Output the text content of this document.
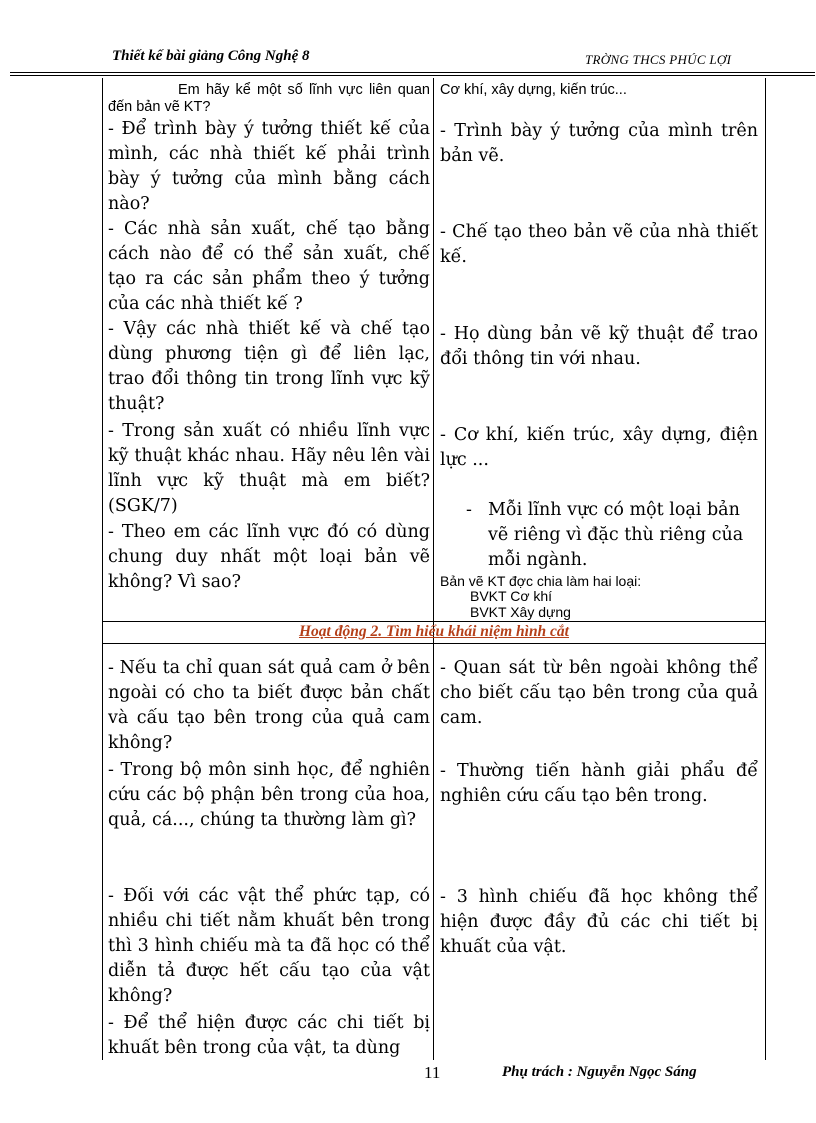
Thiết kế bài giảng Công Nghệ 8	TRỜNG THCS PHÚC LỢI
Em hãy kể một số lĩnh vực liên quan đến bản vẽ KT?
- Để trình bày ý tưởng thiết kế của mình, các nhà thiết kế phải trình bày ý tưởng của mình bằng cách nào?
- Các nhà sản xuất, chế tạo bằng cách nào để có thể sản xuất, chế tạo ra các sản phẩm theo ý tưởng của các nhà thiết kế ?
- Vậy các nhà thiết kế và chế tạo dùng phương tiện gì để liên lạc, trao đổi thông tin trong lĩnh vực kỹ thuật?
- Trong sản xuất có nhiều lĩnh vực kỹ thuật khác nhau. Hãy nêu lên vài lĩnh vực kỹ thuật mà em biết? (SGK/7)
- Theo em các lĩnh vực đó có dùng chung duy nhất một loại bản vẽ không? Vì sao?
Cơ khí, xây dựng, kiến trúc...
- Trình bày ý tưởng của mình trên bản vẽ.
- Chế tạo theo bản vẽ của nhà thiết kế.
- Họ dùng bản vẽ kỹ thuật để trao đổi thông tin với nhau.
- Cơ khí, kiến trúc, xây dựng, điện lực ...
- Mỗi lĩnh vực có một loại bản vẽ riêng vì đặc thù riêng của mỗi ngành.
Bản vẽ KT đợc chia làm hai loại:
BVKT Cơ khí
BVKT Xây dựng
Hoạt động 2. Tìm hiểu khái niệm hình cắt
- Nếu ta chỉ quan sát quả cam ở bên ngoài có cho ta biết được bản chất và cấu tạo bên trong của quả cam không?
- Trong bộ môn sinh học, để nghiên cứu các bộ phận bên trong của hoa, quả, cá..., chúng ta thường làm gì?
- Đối với các vật thể phức tạp, có nhiều chi tiết nằm khuất bên trong thì 3 hình chiếu mà ta đã học có thể diễn tả được hết cấu tạo của vật không?
- Để thể hiện được các chi tiết bị khuất bên trong của vật, ta dùng
- Quan sát từ bên ngoài không thể cho biết cấu tạo bên trong của quả cam.
- Thường tiến hành giải phẩu để nghiên cứu cấu tạo bên trong.
- 3 hình chiếu đã học không thể hiện được đầy đủ các chi tiết bị khuất của vật.
11	Phụ trách : Nguyễn Ngọc Sáng
